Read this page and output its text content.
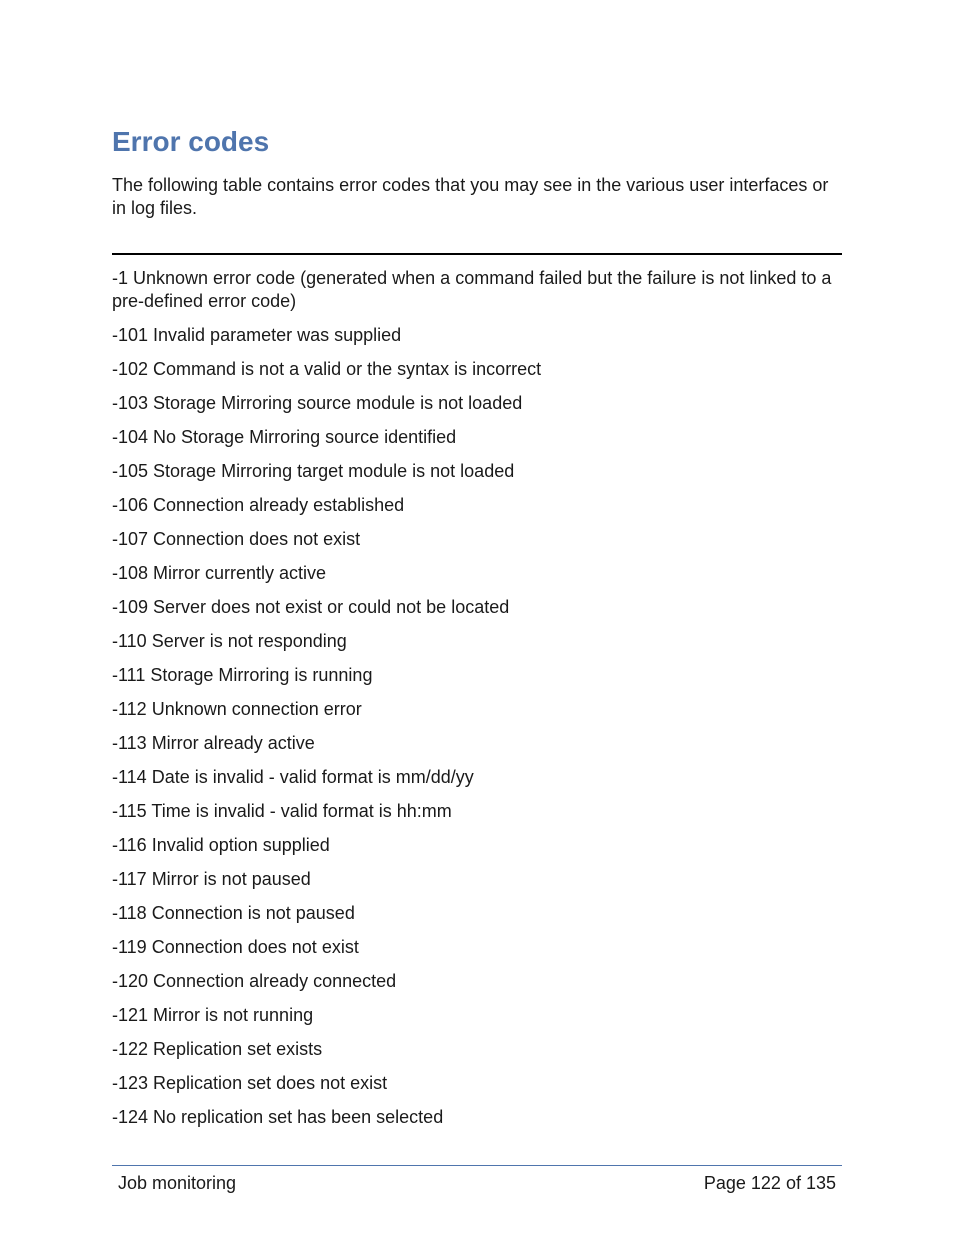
Error codes

The following table contains error codes that you may see in the various user interfaces or in log files.

-1 Unknown error code (generated when a command failed but the failure is not linked to a pre-defined error code)
-101 Invalid parameter was supplied
-102 Command is not a valid or the syntax is incorrect
-103 Storage Mirroring source module is not loaded
-104 No Storage Mirroring source identified
-105 Storage Mirroring target module is not loaded
-106 Connection already established
-107 Connection does not exist
-108 Mirror currently active
-109 Server does not exist or could not be located
-110 Server is not responding
-111 Storage Mirroring is running
-112 Unknown connection error
-113 Mirror already active
-114 Date is invalid - valid format is mm/dd/yy
-115 Time is invalid - valid format is hh:mm
-116 Invalid option supplied
-117 Mirror is not paused
-118 Connection is not paused
-119 Connection does not exist
-120 Connection already connected
-121 Mirror is not running
-122 Replication set exists
-123 Replication set does not exist
-124 No replication set has been selected
Job monitoring	Page 122 of 135
